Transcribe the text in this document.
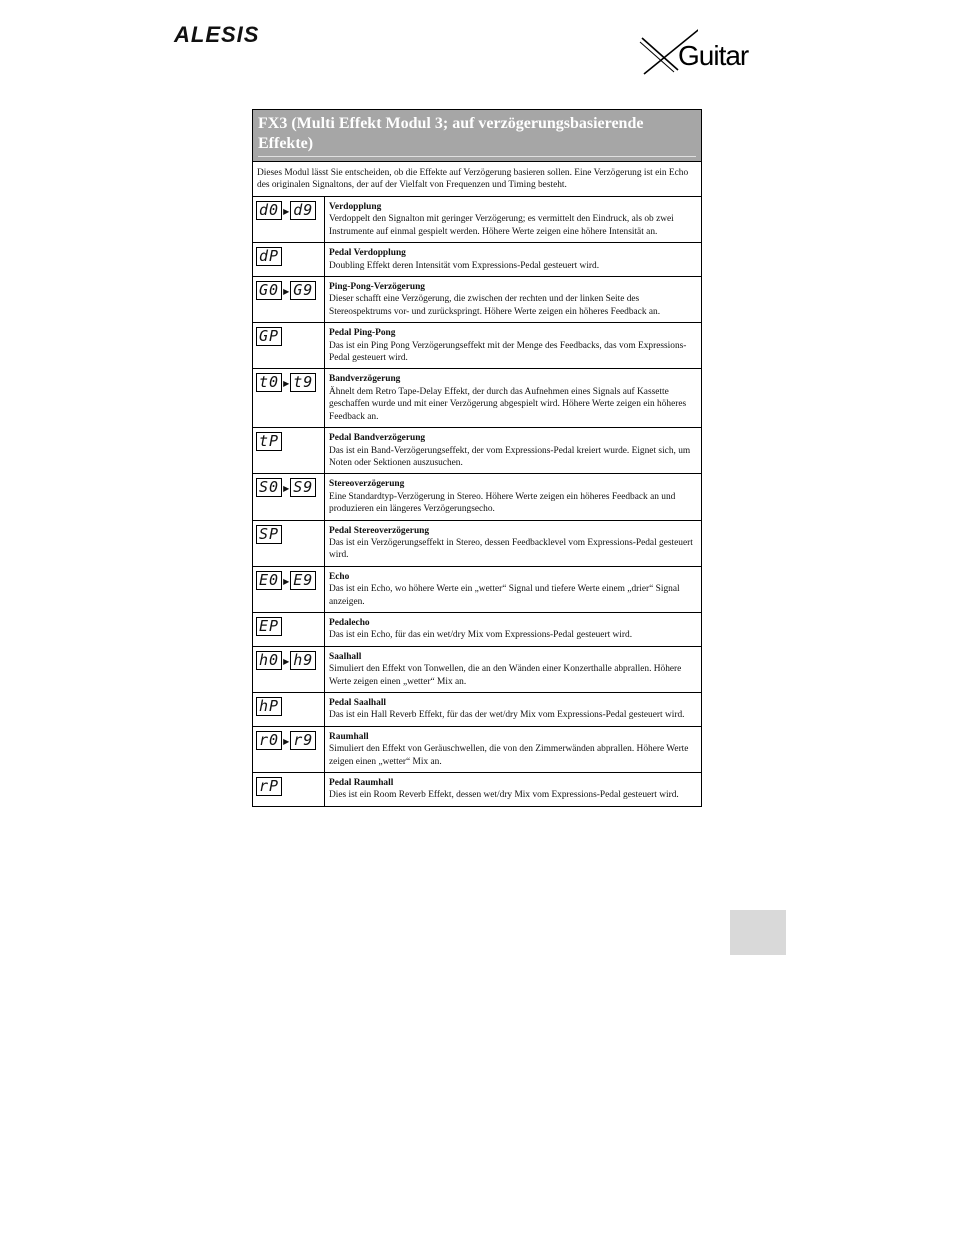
ALESIS
Guitar
FX3 (Multi Effekt Modul 3; auf verzögerungsbasierende Effekte)	

Dieses Modul lässt Sie entscheiden, ob die Effekte auf Verzögerung basieren sollen. Eine Verzögerung ist ein Echo des originalen Signaltons, der auf der Vielfalt von Frequenzen und Timing besteht.	
d0 ▶ d9	Verdopplung
Verdoppelt den Signalton mit geringer Verzögerung; es vermittelt den Eindruck, als ob zwei Instrumente auf einmal gespielt werden. Höhere Werte zeigen eine höhere Intensität an.
dP	Pedal Verdopplung
Doubling Effekt deren Intensität vom Expressions-Pedal gesteuert wird.
G0 ▶ G9	Ping-Pong-Verzögerung
Dieser schafft eine Verzögerung, die zwischen der rechten und der linken Seite des Stereospektrums vor- und zurückspringt. Höhere Werte zeigen ein höheres Feedback an.
GP	Pedal Ping-Pong
Das ist ein Ping Pong Verzögerungseffekt mit der Menge des Feedbacks, das vom Expressions-Pedal gesteuert wird.
t0 ▶ t9	Bandverzögerung
Ähnelt dem Retro Tape-Delay Effekt, der durch das Aufnehmen eines Signals auf Kassette geschaffen wurde und mit einer Verzögerung abgespielt wird. Höhere Werte zeigen ein höheres Feedback an.
tP	Pedal Bandverzögerung
Das ist ein Band-Verzögerungseffekt, der vom Expressions-Pedal kreiert wurde. Eignet sich, um Noten oder Sektionen auszusuchen.
S0 ▶ S9	Stereoverzögerung
Eine Standardtyp-Verzögerung in Stereo. Höhere Werte zeigen ein höheres Feedback an und produzieren ein längeres Verzögerungsecho.
SP	Pedal Stereoverzögerung
Das ist ein Verzögerungseffekt in Stereo, dessen Feedbacklevel vom Expressions-Pedal gesteuert wird.
E0 ▶ E9	Echo
Das ist ein Echo, wo höhere Werte ein „wetter“ Signal und tiefere Werte einem „drier“ Signal anzeigen.
EP	Pedalecho
Das ist ein Echo, für das ein wet/dry Mix vom Expressions-Pedal gesteuert wird.
h0 ▶ h9	Saalhall
Simuliert den Effekt von Tonwellen, die an den Wänden einer Konzerthalle abprallen. Höhere Werte zeigen einen „wetter“ Mix an.
hP	Pedal Saalhall
Das ist ein Hall Reverb Effekt, für das der wet/dry Mix vom Expressions-Pedal gesteuert wird.
r0 ▶ r9	Raumhall
Simuliert den Effekt von Geräuschwellen, die von den Zimmerwänden abprallen. Höhere Werte zeigen einen „wetter“ Mix an.
rP	Pedal Raumhall
Dies ist ein Room Reverb Effekt, dessen wet/dry Mix vom Expressions-Pedal gesteuert wird.
